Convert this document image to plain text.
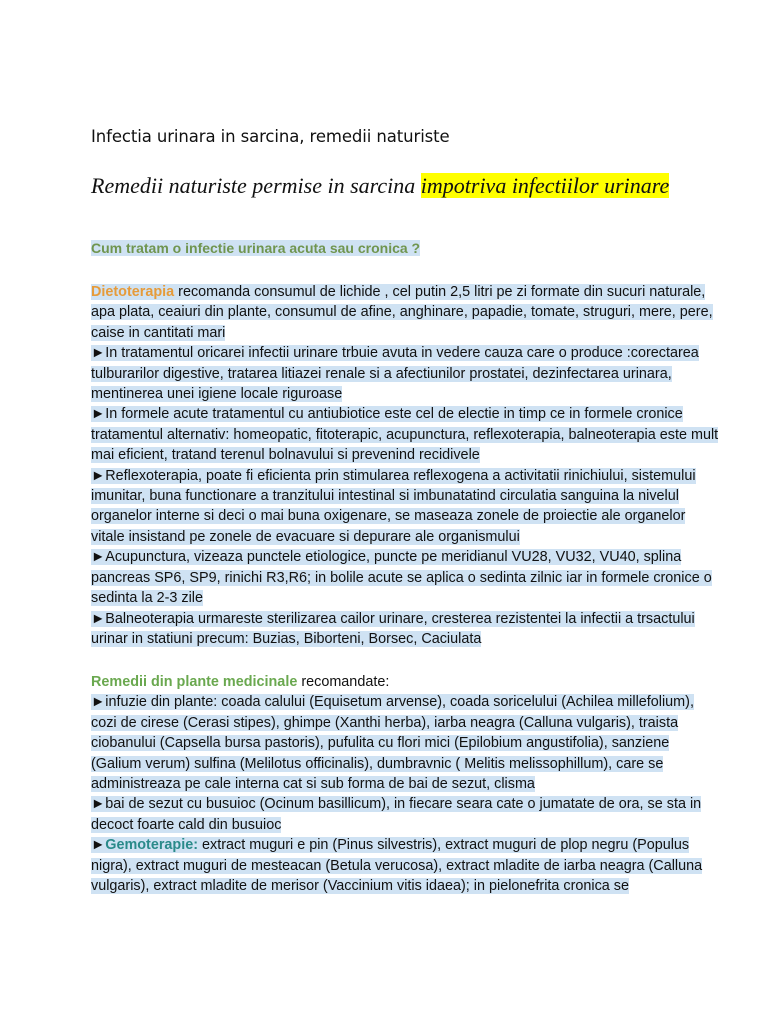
Infectia urinara in sarcina, remedii naturiste
Remedii naturiste permise in sarcina impotriva infectiilor urinare
Cum tratam o infectie urinara acuta sau cronica ?

Dietoterapia recomanda consumul de lichide , cel putin 2,5 litri pe zi formate din sucuri naturale, apa plata, ceaiuri din plante, consumul de afine, anghinare, papadie, tomate, struguri, mere, pere, caise in cantitati mari

►In tratamentul oricarei infectii urinare trbuie avuta in vedere cauza care o produce :corectarea tulburarilor digestive, tratarea litiazei renale si a afectiunilor prostatei, dezinfectarea urinara, mentinerea unei igiene locale riguroase

►In formele acute tratamentul cu antiubiotice este cel de electie in timp ce in formele cronice tratamentul alternativ: homeopatic, fitoterapic, acupunctura, reflexoterapia, balneoterapia este mult mai eficient, tratand terenul bolnavului si prevenind recidivele

►Reflexoterapia, poate fi eficienta prin stimularea reflexogena a activitatii rinichiului, sistemului imunitar, buna functionare a tranzitului intestinal si imbunatatind circulatia sanguina la nivelul organelor interne si deci o mai buna oxigenare, se maseaza zonele de proiectie ale organelor vitale insistand pe zonele de evacuare si depurare ale organismului

►Acupunctura, vizeaza punctele etiologice, puncte pe meridianul VU28, VU32, VU40, splina pancreas SP6, SP9, rinichi R3,R6; in bolile acute se aplica o sedinta zilnic iar in formele cronice o sedinta la 2-3 zile

►Balneoterapia urmareste sterilizarea cailor urinare, cresterea rezistentei la infectii a trsactului urinar in statiuni precum: Buzias, Biborteni, Borsec, Caciulata

Remedii din plante medicinale recomandate:

►infuzie din plante: coada calului (Equisetum arvense), coada soricelului (Achilea millefolium), cozi de cirese (Cerasi stipes), ghimpe (Xanthi herba), iarba neagra (Calluna vulgaris), traista ciobanului (Capsella bursa pastoris), pufulita cu flori mici (Epilobium angustifolia), sanziene (Galium verum) sulfina (Melilotus officinalis), dumbravnic ( Melitis melissophillum), care se administreaza pe cale interna cat si sub forma de bai de sezut, clisma

►bai de sezut cu busuioc (Ocinum basillicum), in fiecare seara cate o jumatate de ora, se sta in decoct foarte cald din busuioc

►Gemoterapie: extract muguri e pin (Pinus silvestris), extract muguri de plop negru (Populus nigra), extract muguri de mesteacan (Betula verucosa), extract mladite de iarba neagra (Calluna vulgaris), extract mladite de merisor (Vaccinium vitis idaea); in pielonefrita cronica se
